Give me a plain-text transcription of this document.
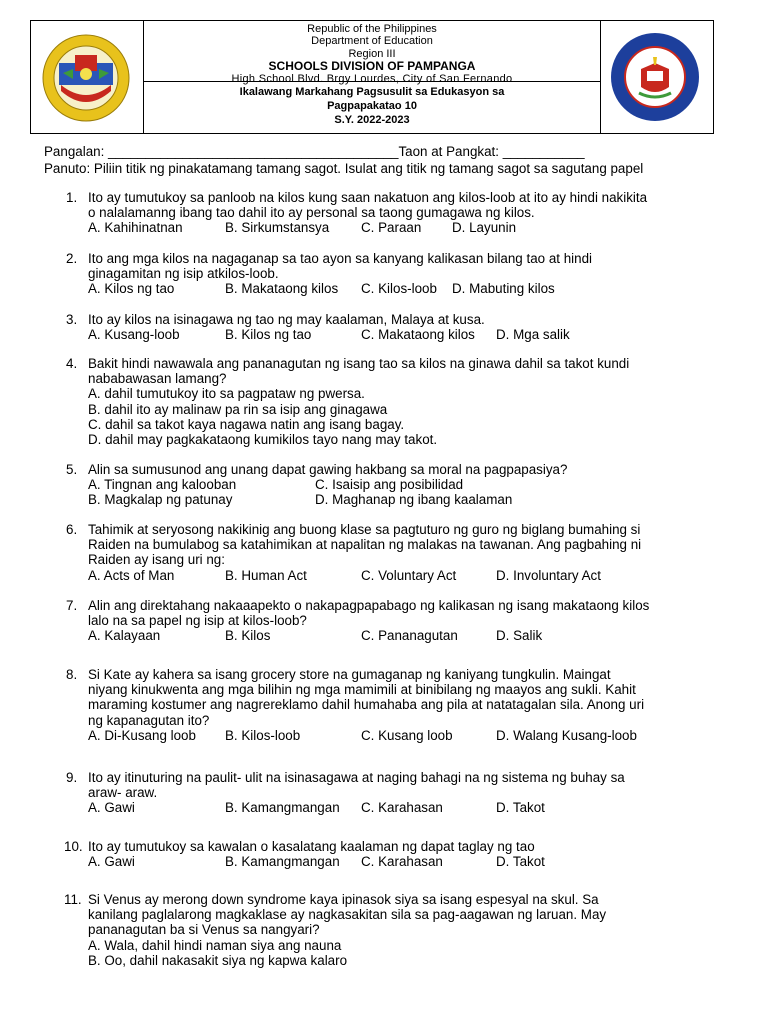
Republic of the Philippines
Department of Education
Region III
SCHOOLS DIVISION OF PAMPANGA
High School Blvd. Brgy Lourdes, City of San Fernando
Ikalawang Markahang Pagsusulit sa Edukasyon sa
Pagpapakatao 10
S.Y. 2022-2023
Pangalan: _______________________________________Taon at Pangkat: ___________
Panuto: Piliin titik ng pinakatamang tamang sagot. Isulat ang titik ng tamang sagot sa sagutang papel
1. Ito ay tumutukoy sa panloob na kilos kung saan nakatuon ang kilos-loob at ito ay hindi nakikita
o nalalamanng ibang tao dahil ito ay personal sa taong gumagawa ng kilos.
A. Kahihinatnan	B. Sirkumstansya C. Paraan D. Layunin
2. Ito ang mga kilos na nagaganap sa tao ayon sa kanyang kalikasan bilang tao at hindi
ginagamitan ng isip atkilos-loob.
A. Kilos ng tao	B. Makataong kilos C. Kilos-loob D. Mabuting kilos
3. Ito ay kilos na isinagawa ng tao ng may kaalaman, Malaya at kusa.
A. Kusang-loob	B. Kilos ng tao	C. Makataong kilos D. Mga salik
4. Bakit hindi nawawala ang pananagutan ng isang tao sa kilos na ginawa dahil sa takot kundi
nababawasan lamang?
A. dahil tumutukoy ito sa pagpataw ng pwersa.
B. dahil ito ay malinaw pa rin sa isip ang ginagawa
C. dahil sa takot kaya nagawa natin ang isang bagay.
D. dahil may pagkakataong kumikilos tayo nang may takot.
5. Alin sa sumusunod ang unang dapat gawing hakbang sa moral na pagpapasiya?
A. Tingnan ang kalooban	C. Isaisip ang posibilidad
B. Magkalap ng patunay	D. Maghanap ng ibang kaalaman
6. Tahimik at seryosong nakikinig ang buong klase sa pagtuturo ng guro ng biglang bumahing si
Raiden na bumulabog sa katahimikan at napalitan ng malakas na tawanan. Ang pagbahing ni
Raiden ay isang uri ng:
A. Acts of Man	B. Human Act	C. Voluntary Act	D. Involuntary Act
7. Alin ang direktahang nakaaapekto o nakapagpapabago ng kalikasan ng isang makataong kilos
lalo na sa papel ng isip at kilos-loob?
A. Kalayaan	B. Kilos	C. Pananagutan	D. Salik
8. Si Kate ay kahera sa isang grocery store na gumaganap ng kaniyang tungkulin. Maingat
niyang kinukwenta ang mga bilihin ng mga mamimili at binibilang ng maayos ang sukli. Kahit
maraming kostumer ang nagrereklamo dahil humahaba ang pila at natatagalan sila. Anong uri
ng kapanagutan ito?
A. Di-Kusang loob B. Kilos-loob	C. Kusang loob	D. Walang Kusang-loob
9. Ito ay itinuturing na paulit- ulit na isinasagawa at naging bahagi na ng sistema ng buhay sa
araw- araw.
A. Gawi	B. Kamangmangan C. Karahasan	D. Takot
10. Ito ay tumutukoy sa kawalan o kasalatang kaalaman ng dapat taglay ng tao
A. Gawi	B. Kamangmangan C. Karahasan	D. Takot
11. Si Venus ay merong down syndrome kaya ipinasok siya sa isang espesyal na skul. Sa
kanilang paglalarong magkaklase ay nagkasakitan sila sa pag-aagawan ng laruan. May
pananagutan ba si Venus sa nangyari?
A. Wala, dahil hindi naman siya ang nauna
B. Oo, dahil nakasakit siya ng kapwa kalaro
